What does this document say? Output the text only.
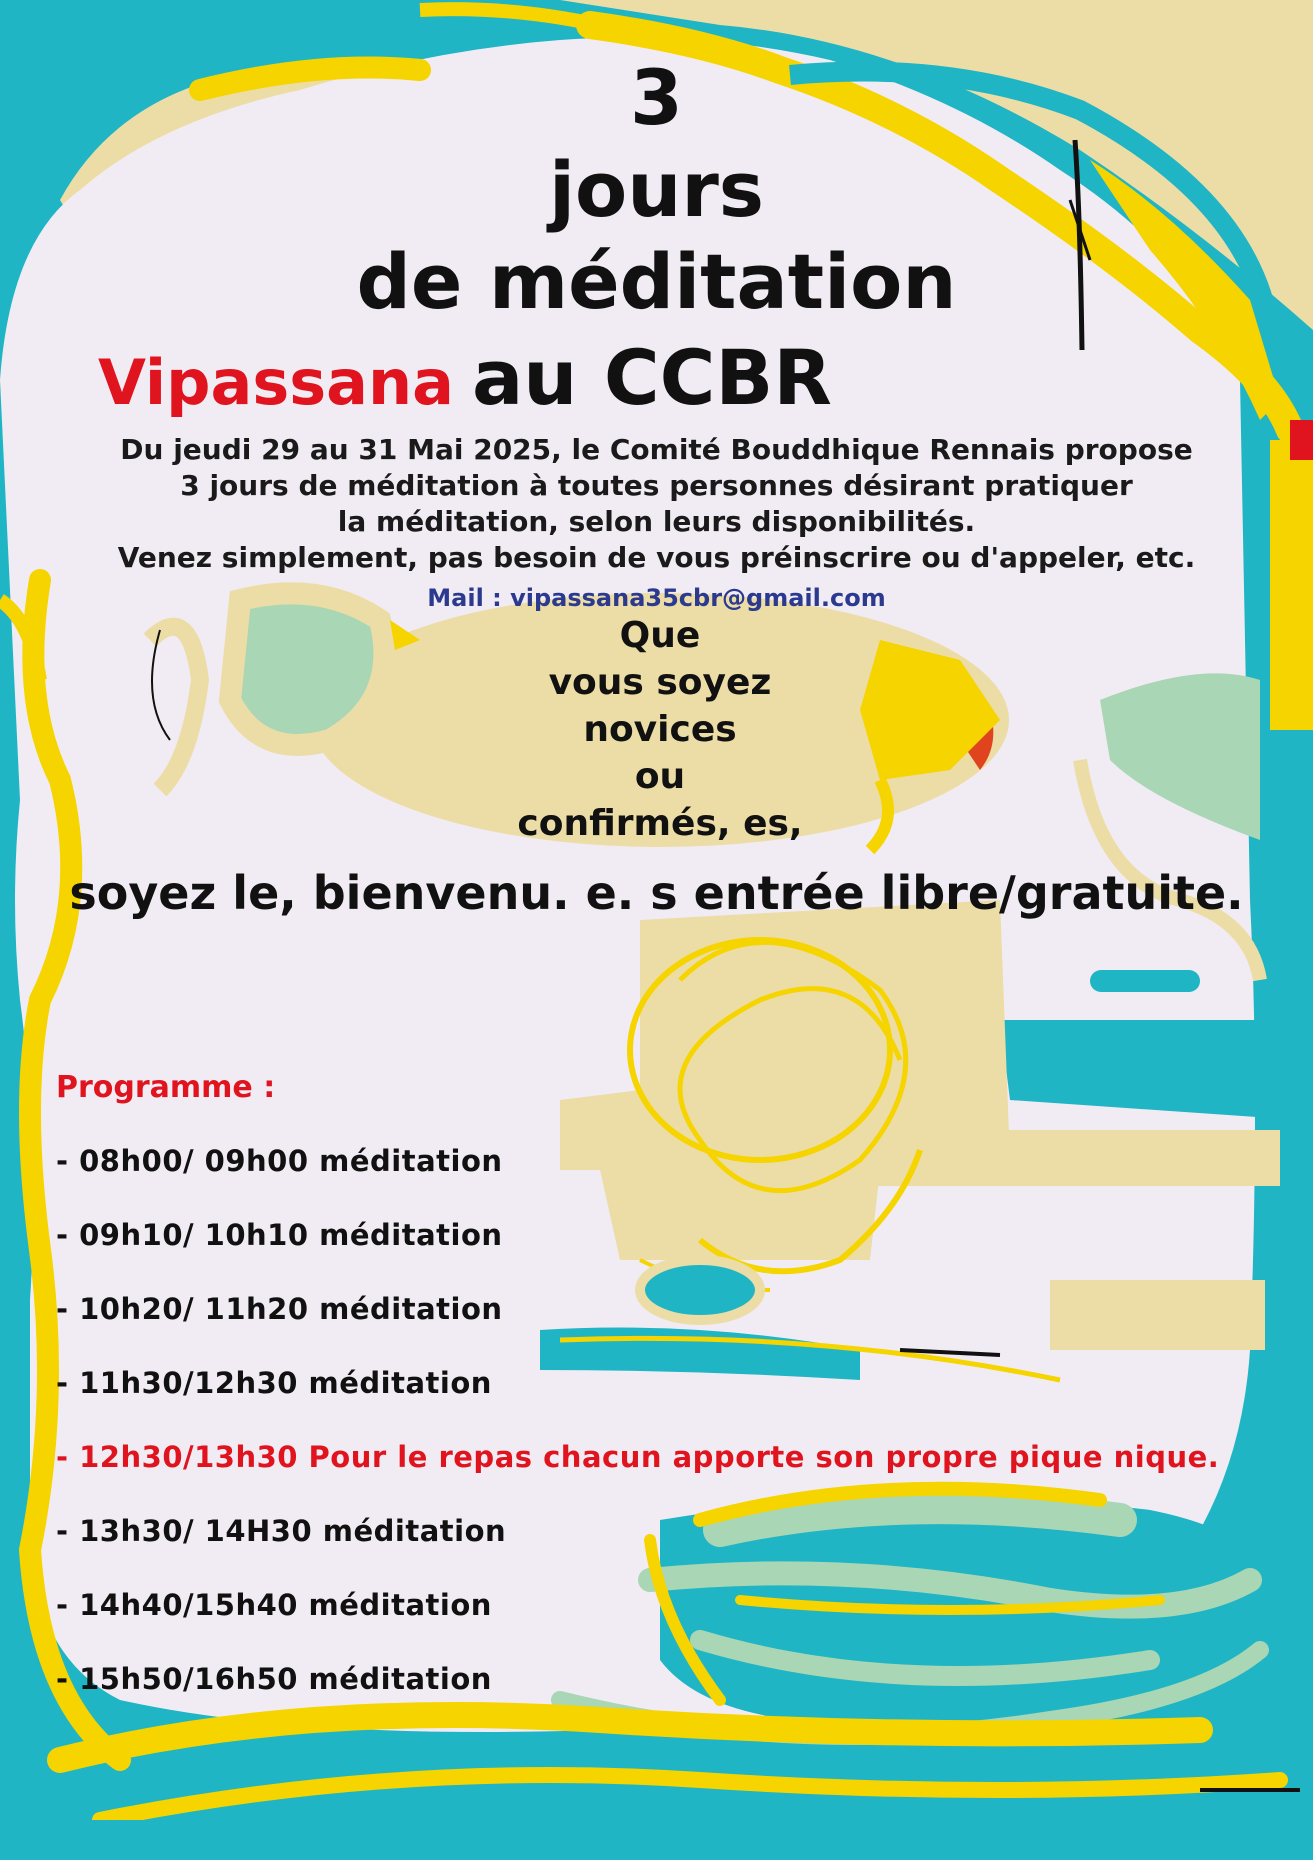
3
jours
de méditation
Vipassana au CCBR
Du jeudi 29 au 31 Mai 2025, le Comité Bouddhique Rennais propose
3 jours de méditation à toutes personnes désirant pratiquer
la méditation, selon leurs disponibilités.
Venez simplement, pas besoin de vous préinscrire ou d'appeler, etc.
Mail : vipassana35cbr@gmail.com
Que
vous soyez
novices
ou
confirmés, es,
soyez le, bienvenu. e. s entrée libre/gratuite.
Programme :
- 08h00/ 09h00 méditation
- 09h10/ 10h10 méditation
- 10h20/ 11h20 méditation
- 11h30/12h30 méditation
- 12h30/13h30 Pour le repas chacun apporte son propre pique nique.
- 13h30/ 14H30 méditation
- 14h40/15h40 méditation
- 15h50/16h50 méditation
